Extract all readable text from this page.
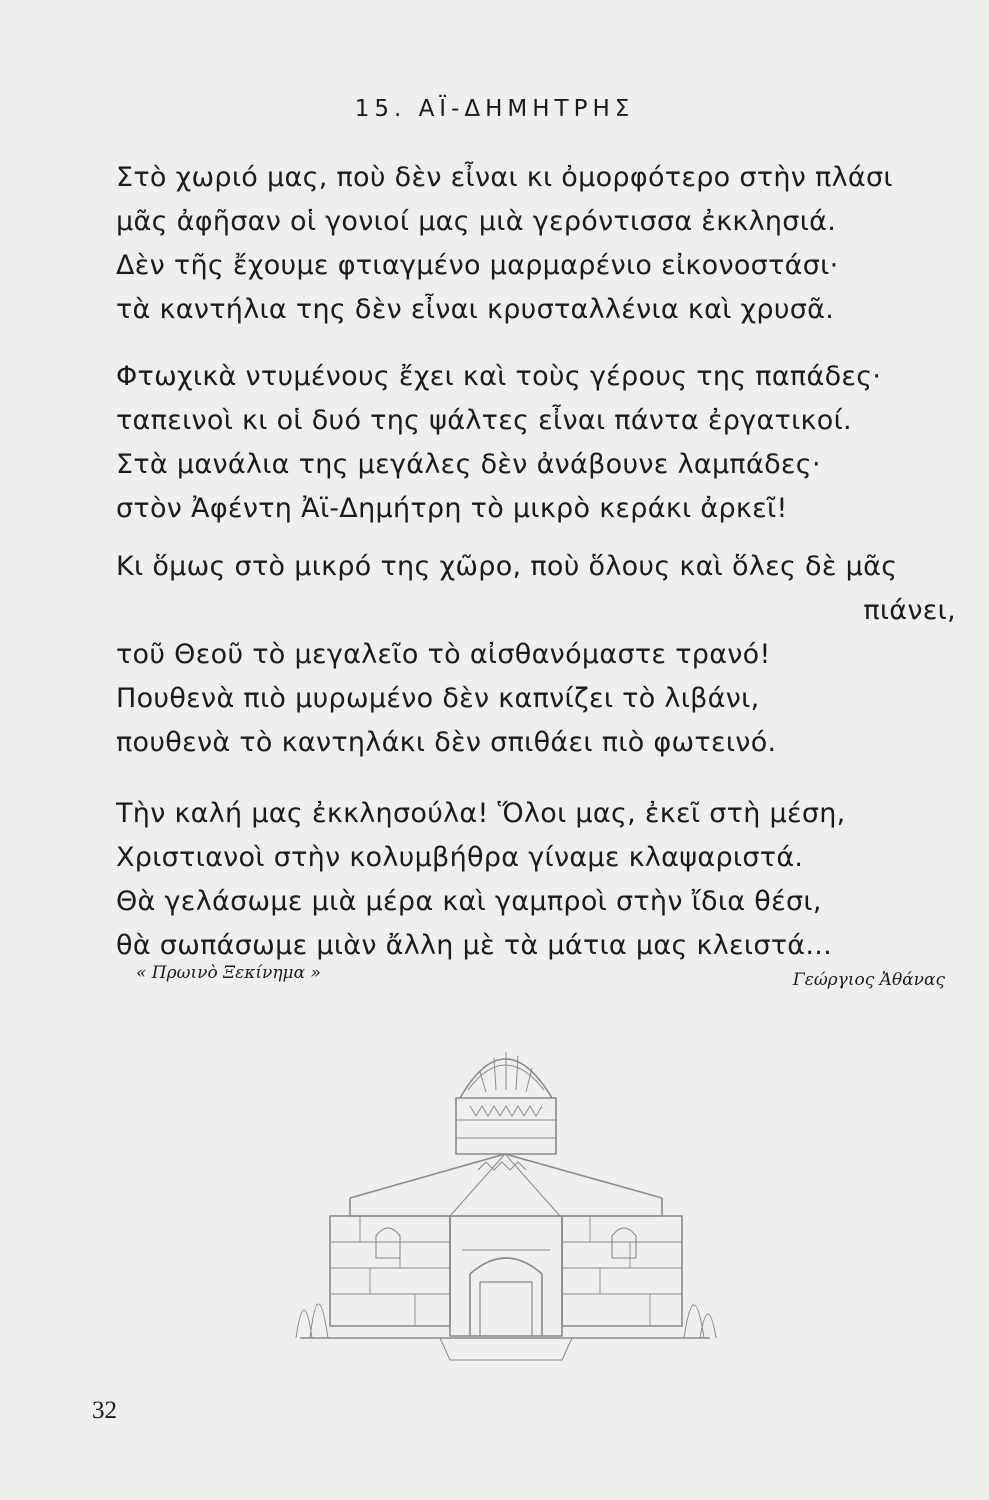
15. ΑΪ-ΔΗΜΗΤΡΗΣ
Στὸ χωριό μας, ποὺ δὲν εἶναι κι ὀμορφότερο στὴν πλάσι
μᾶς ἀφῆσαν οἱ γονιοί μας μιὰ γερόντισσα ἐκκλησιά.
Δὲν τῆς ἔχουμε φτιαγμένο μαρμαρένιο εἰκονοστάσι·
τὰ καντήλια της δὲν εἶναι κρυσταλλένια καὶ χρυσᾶ.
Φτωχικὰ ντυμένους ἔχει καὶ τοὺς γέρους της παπάδες·
ταπεινοὶ κι οἱ δυό της ψάλτες εἶναι πάντα ἐργατικοί.
Στὰ μανάλια της μεγάλες δὲν ἀνάβουνε λαμπάδες·
στὸν Ἀφέντη Ἀϊ-Δημήτρη τὸ μικρὸ κεράκι ἀρκεῖ!
Κι ὅμως στὸ μικρό της χῶρο, ποὺ ὅλους καὶ ὅλες δὲ μᾶς
πιάνει,
τοῦ Θεοῦ τὸ μεγαλεῖο τὸ αἰσθανόμαστε τρανό!
Πουθενὰ πιὸ μυρωμένο δὲν καπνίζει τὸ λιβάνι,
πουθενὰ τὸ καντηλάκι δὲν σπιθάει πιὸ φωτεινό.
Τὴν καλή μας ἐκκλησούλα! Ὅλοι μας, ἐκεῖ στὴ μέση,
Χριστιανοὶ στὴν κολυμβήθρα γίναμε κλαψαριστά.
Θὰ γελάσωμε μιὰ μέρα καὶ γαμπροὶ στὴν ἴδια θέσι,
θὰ σωπάσωμε μιὰν ἄλλη μὲ τὰ μάτια μας κλειστά...
« Πρωινὸ Ξεκίνημα »	Γεώργιος Ἀθάνας
32
